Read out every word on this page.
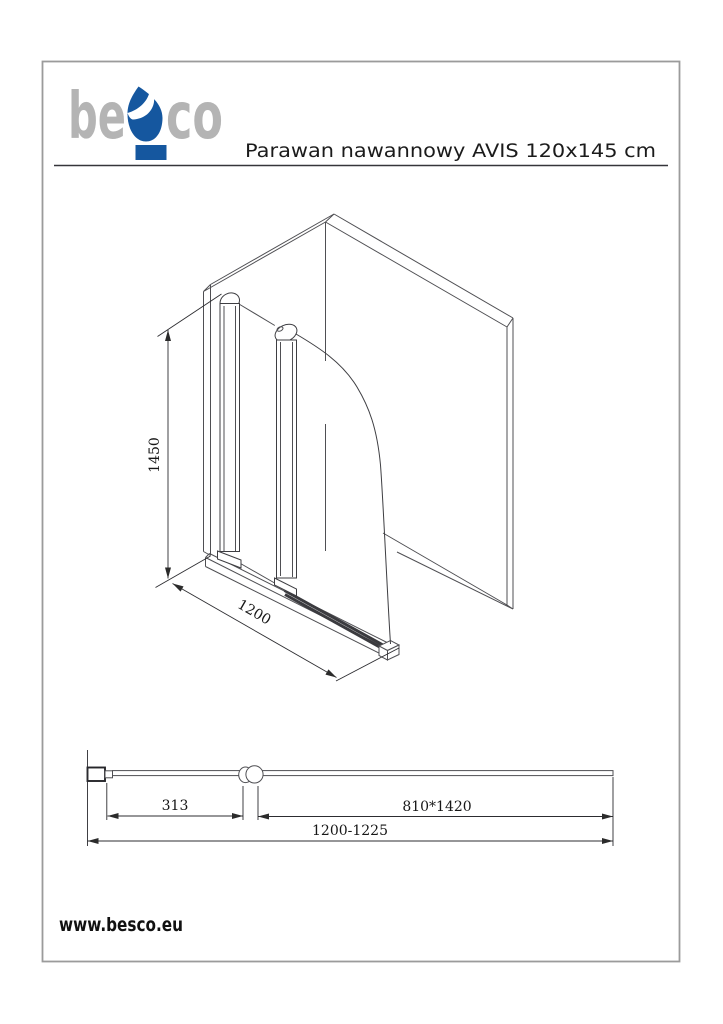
be co Parawan nawannowy AVIS 120x145 cm
1450
1200
313	810*1420
1200-1225
www.besco.eu
